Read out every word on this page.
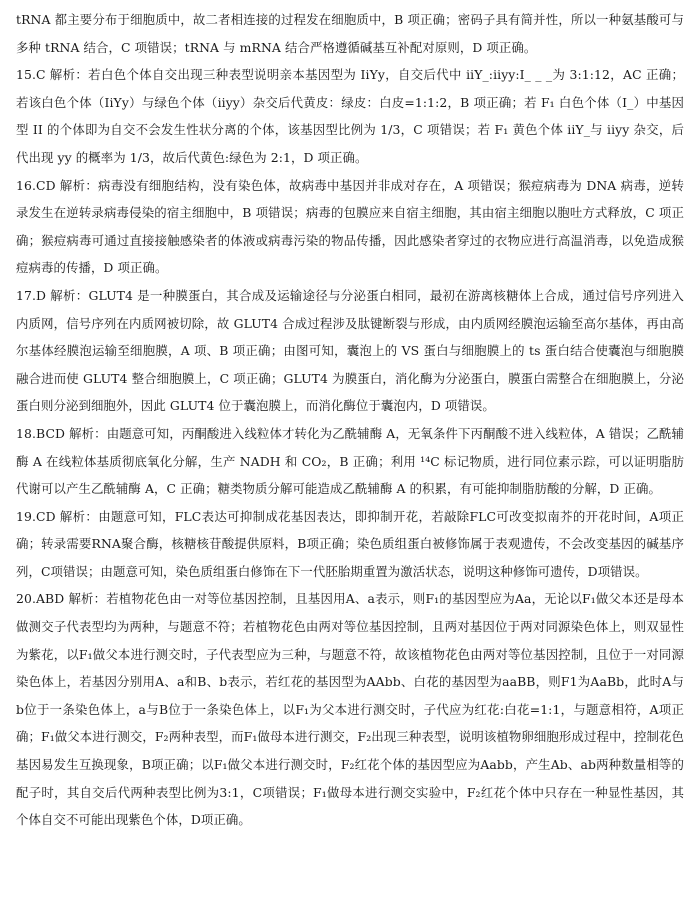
tRNA 都主要分布于细胞质中，故二者相连接的过程发在细胞质中，B 项正确；密码子具有简并性，所以一种氨基酸可与多种 tRNA 结合，C 项错误；tRNA 与 mRNA 结合严格遵循碱基互补配对原则，D 项正确。

15.C 解析：若白色个体自交出现三种表型说明亲本基因型为 IiYy，自交后代中 iiY_:iiyy:I_ _ _为 3:1:12，AC 正确；若该白色个体（IiYy）与绿色个体（iiyy）杂交后代黄皮：绿皮：白皮=1:1:2，B 项正确；若 F₁ 白色个体（I_）中基因型 II 的个体即为自交不会发生性状分离的个体，该基因型比例为 1/3，C 项错误；若 F₁ 黄色个体 iiY_与 iiyy 杂交，后代出现 yy 的概率为 1/3，故后代黄色:绿色为 2:1，D 项正确。

16.CD 解析：病毒没有细胞结构，没有染色体，故病毒中基因并非成对存在，A 项错误；猴痘病毒为 DNA 病毒，逆转录发生在逆转录病毒侵染的宿主细胞中，B 项错误；病毒的包膜应来自宿主细胞，其由宿主细胞以胞吐方式释放，C 项正确；猴痘病毒可通过直接接触感染者的体液或病毒污染的物品传播，因此感染者穿过的衣物应进行高温消毒，以免造成猴痘病毒的传播，D 项正确。

17.D 解析：GLUT4 是一种膜蛋白，其合成及运输途径与分泌蛋白相同，最初在游离核糖体上合成，通过信号序列进入内质网，信号序列在内质网被切除，故 GLUT4 合成过程涉及肽键断裂与形成，由内质网经膜泡运输至高尔基体，再由高尔基体经膜泡运输至细胞膜，A 项、B 项正确；由图可知，囊泡上的 VS 蛋白与细胞膜上的 ts 蛋白结合使囊泡与细胞膜融合进而使 GLUT4 整合细胞膜上，C 项正确；GLUT4 为膜蛋白，消化酶为分泌蛋白，膜蛋白需整合在细胞膜上，分泌蛋白则分泌到细胞外，因此 GLUT4 位于囊泡膜上，而消化酶位于囊泡内，D 项错误。

18.BCD 解析：由题意可知，丙酮酸进入线粒体才转化为乙酰辅酶 A，无氧条件下丙酮酸不进入线粒体，A 错误；乙酰辅酶 A 在线粒体基质彻底氧化分解，生产 NADH 和 CO₂，B 正确；利用 ¹⁴C 标记物质，进行同位素示踪，可以证明脂肪代谢可以产生乙酰辅酶 A，C 正确；糖类物质分解可能造成乙酰辅酶 A 的积累，有可能抑制脂肪酸的分解，D 正确。

19.CD 解析：由题意可知，FLC表达可抑制成花基因表达，即抑制开花，若敲除FLC可改变拟南芥的开花时间，A项正确；转录需要RNA聚合酶，核糖核苷酸提供原料，B项正确；染色质组蛋白被修饰属于表观遗传，不会改变基因的碱基序列，C项错误；由题意可知，染色质组蛋白修饰在下一代胚胎期重置为激活状态，说明这种修饰可遗传，D项错误。

20.ABD 解析：若植物花色由一对等位基因控制，且基因用A、a表示，则F₁的基因型应为Aa，无论以F₁做父本还是母本做测交子代表型均为两种，与题意不符；若植物花色由两对等位基因控制，且两对基因位于两对同源染色体上，则双显性为紫花，以F₁做父本进行测交时，子代表型应为三种，与题意不符，故该植物花色由两对等位基因控制，且位于一对同源染色体上，若基因分别用A、a和B、b表示，若红花的基因型为AAbb、白花的基因型为aaBB，则F1为AaBb，此时A与b位于一条染色体上，a与B位于一条染色体上，以F₁为父本进行测交时，子代应为红花:白花=1:1，与题意相符，A项正确；F₁做父本进行测交，F₂两种表型，而F₁做母本进行测交，F₂出现三种表型，说明该植物卵细胞形成过程中，控制花色基因易发生互换现象，B项正确；以F₁做父本进行测交时，F₂红花个体的基因型应为Aabb，产生Ab、ab两种数量相等的配子时，其自交后代两种表型比例为3:1，C项错误；F₁做母本进行测交实验中，F₂红花个体中只存在一种显性基因，其个体自交不可能出现紫色个体，D项正确。
